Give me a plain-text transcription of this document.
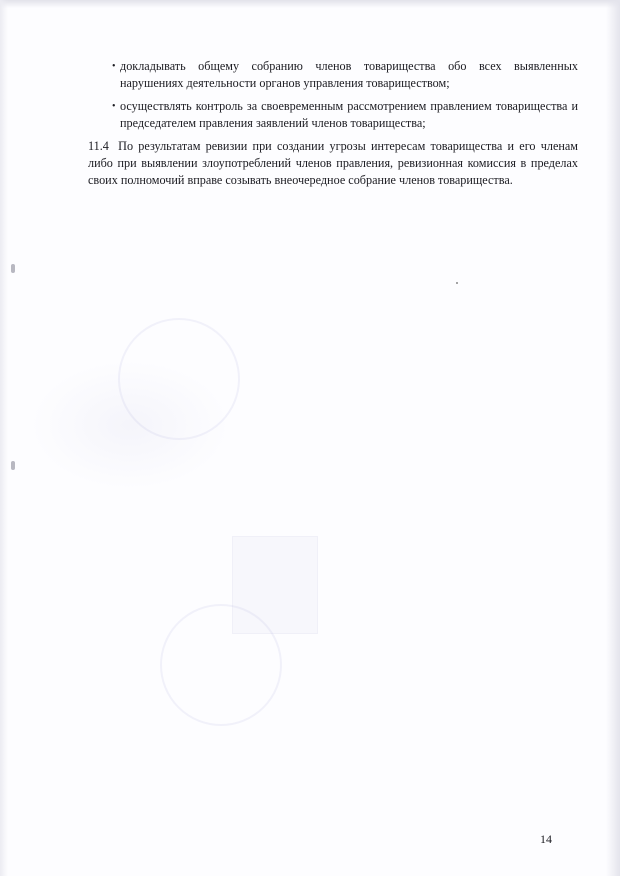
• докладывать общему собранию членов товарищества обо всех выявленных нарушениях деятельности органов управления товариществом;
• осуществлять контроль за своевременным рассмотрением правлением товарищества и председателем правления заявлений членов товарищества;
11.4 По результатам ревизии при создании угрозы интересам товарищества и его членам либо при выявлении злоупотреблений членов правления, ревизионная комиссия в пределах своих полномочий вправе созывать внеочередное собрание членов товарищества.
14
